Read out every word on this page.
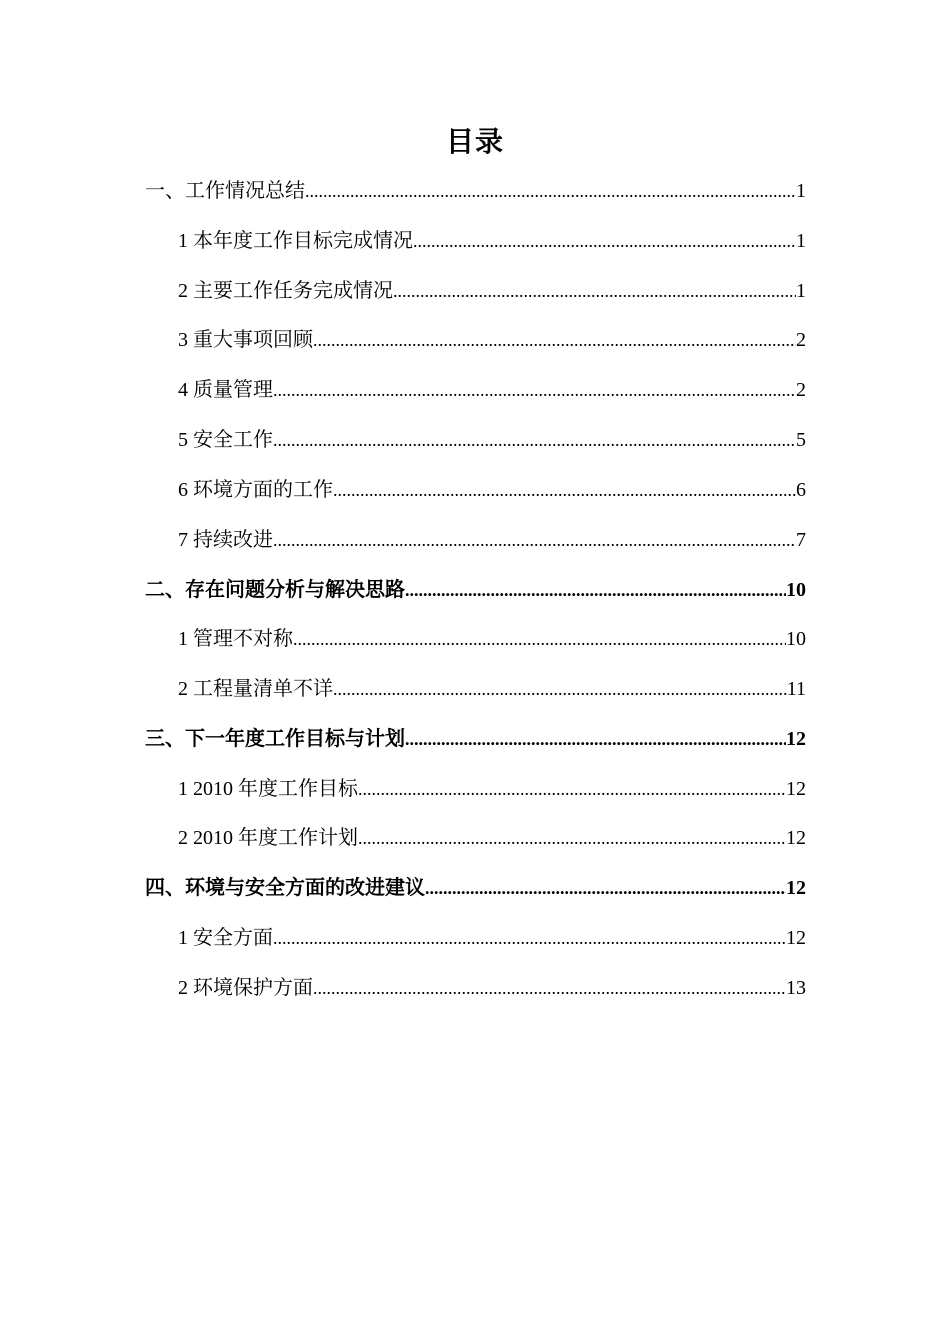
目录
一、工作情况总结 .....	1
1 本年度工作目标完成情况 .....	1
2 主要工作任务完成情况 .....	1
3 重大事项回顾 .....	2
4 质量管理 .....	2
5 安全工作 .....	5
6 环境方面的工作 .....	6
7 持续改进 .....	7
二、存在问题分析与解决思路 .....	10
1 管理不对称 .....	10
2 工程量清单不详 .....	11
三、下一年度工作目标与计划 .....	12
1 2010 年度工作目标 .....	12
2 2010 年度工作计划 .....	12
四、环境与安全方面的改进建议 .....	12
1 安全方面 .....	12
2 环境保护方面 .....	13
